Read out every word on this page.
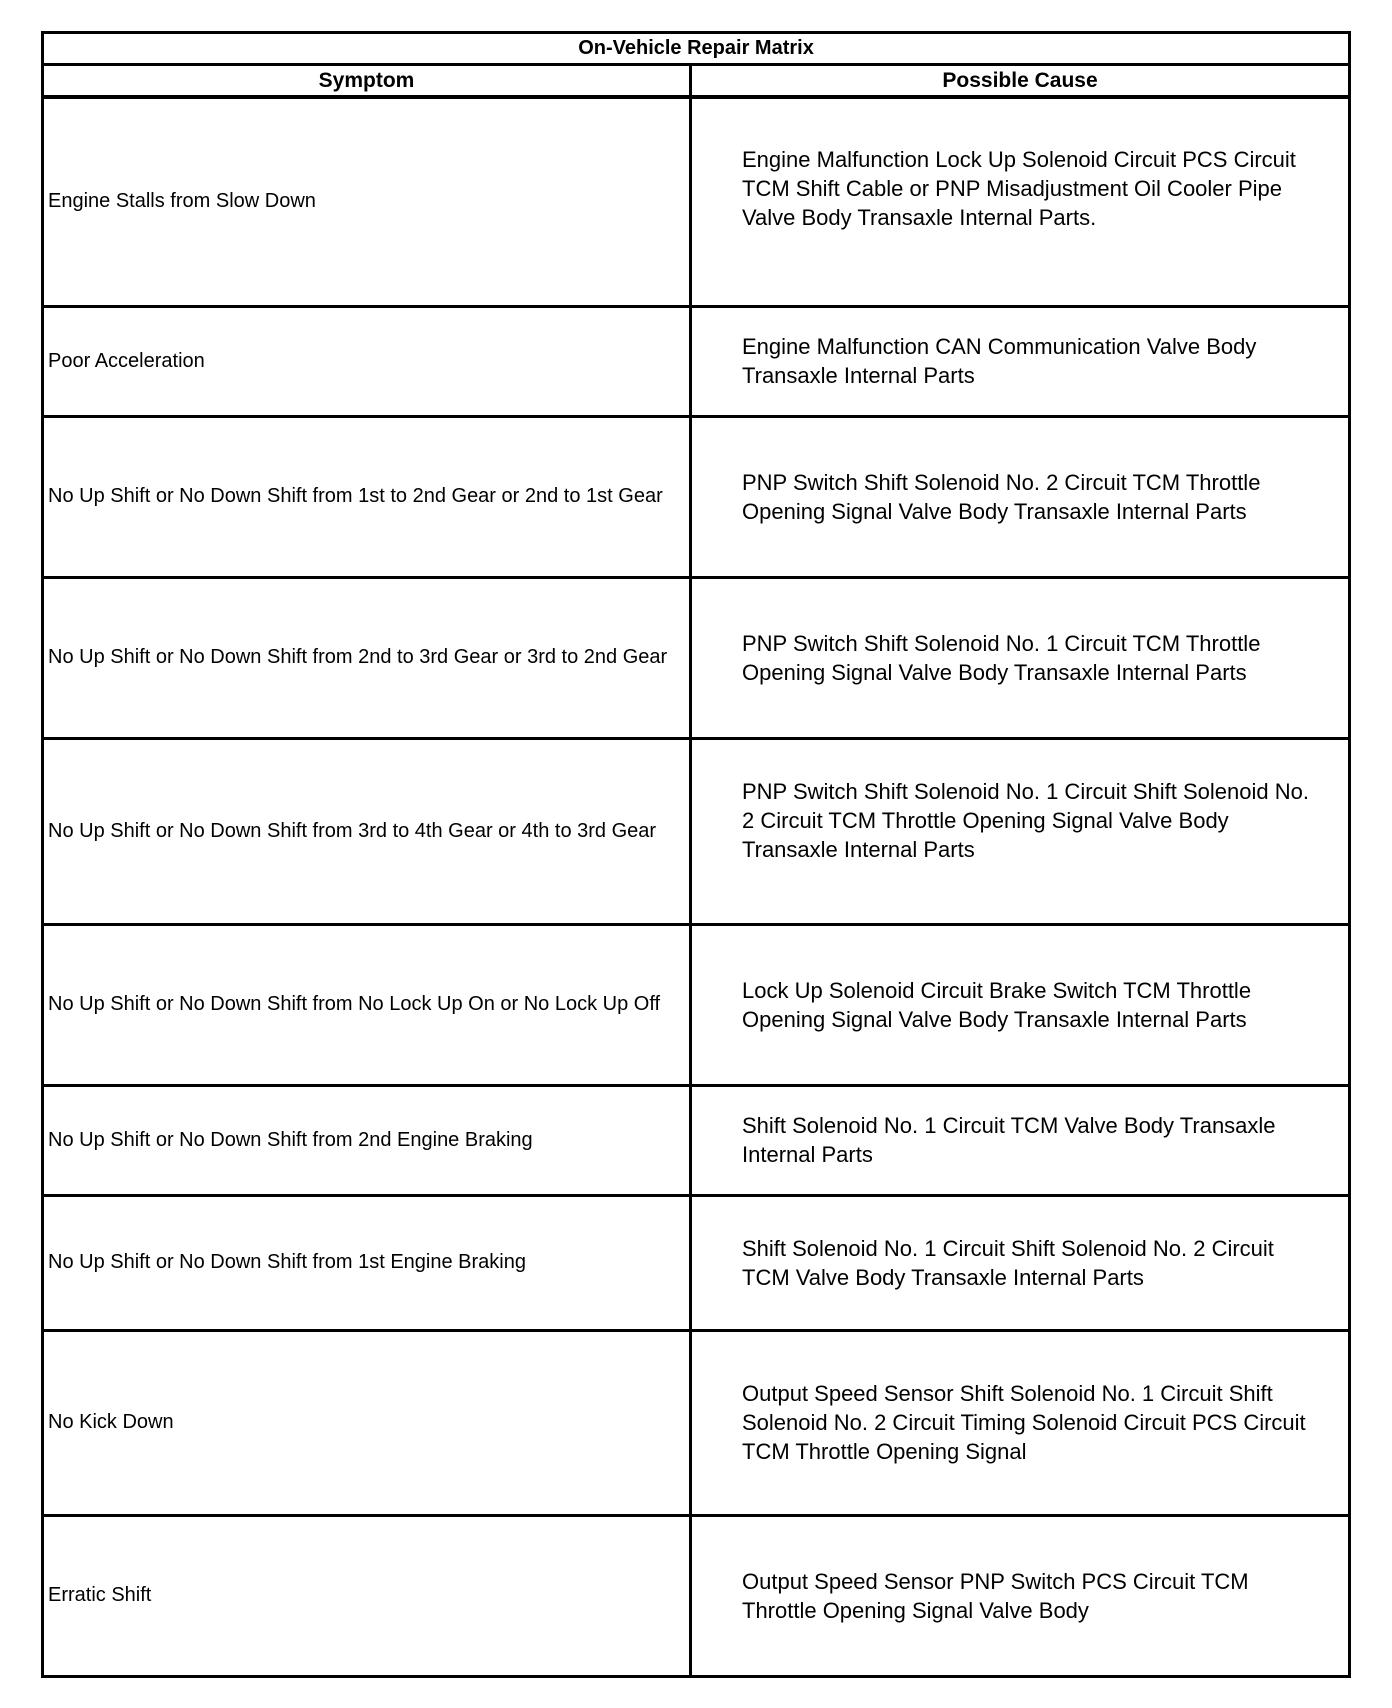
On-Vehicle Repair Matrix	
Symptom	Possible Cause

Engine Stalls from Slow Down	Engine Malfunction Lock Up Solenoid Circuit PCS Circuit TCM Shift Cable or PNP Misadjustment Oil Cooler Pipe Valve Body Transaxle Internal Parts.

Poor Acceleration	Engine Malfunction CAN Communication Valve Body Transaxle Internal Parts

No Up Shift or No Down Shift from 1st to 2nd Gear or 2nd to 1st Gear	PNP Switch Shift Solenoid No. 2 Circuit TCM Throttle Opening Signal Valve Body Transaxle Internal Parts

No Up Shift or No Down Shift from 2nd to 3rd Gear or 3rd to 2nd Gear	PNP Switch Shift Solenoid No. 1 Circuit TCM Throttle Opening Signal Valve Body Transaxle Internal Parts

No Up Shift or No Down Shift from 3rd to 4th Gear or 4th to 3rd Gear	PNP Switch Shift Solenoid No. 1 Circuit Shift Solenoid No. 2 Circuit TCM Throttle Opening Signal Valve Body Transaxle Internal Parts

No Up Shift or No Down Shift from No Lock Up On or No Lock Up Off	Lock Up Solenoid Circuit Brake Switch TCM Throttle Opening Signal Valve Body Transaxle Internal Parts

No Up Shift or No Down Shift from 2nd Engine Braking	Shift Solenoid No. 1 Circuit TCM Valve Body Transaxle Internal Parts

No Up Shift or No Down Shift from 1st Engine Braking	Shift Solenoid No. 1 Circuit Shift Solenoid No. 2 Circuit TCM Valve Body Transaxle Internal Parts

No Kick Down	Output Speed Sensor Shift Solenoid No. 1 Circuit Shift Solenoid No. 2 Circuit Timing Solenoid Circuit PCS Circuit TCM Throttle Opening Signal

Erratic Shift	Output Speed Sensor PNP Switch PCS Circuit TCM Throttle Opening Signal Valve Body
